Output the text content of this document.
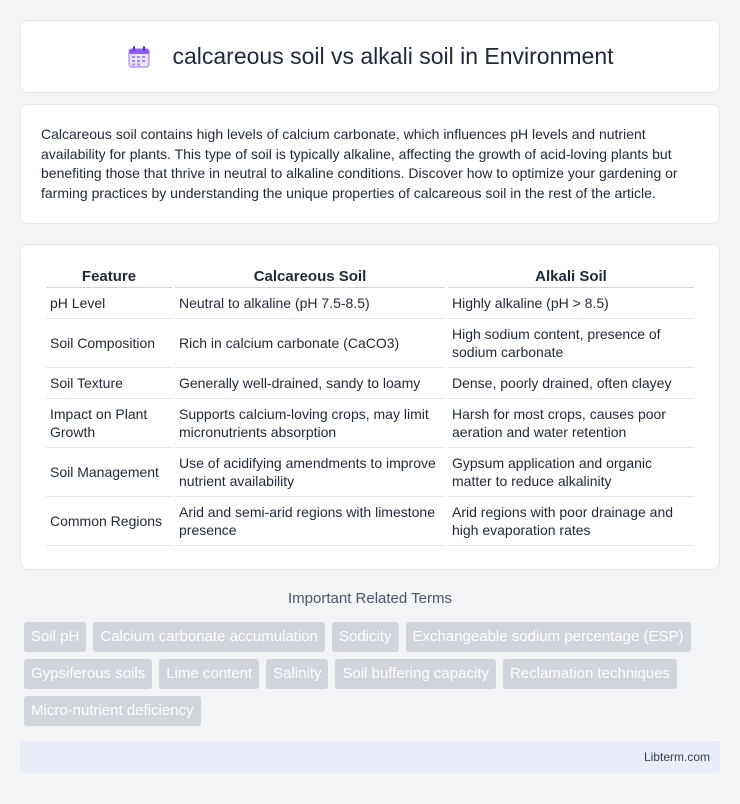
calcareous soil vs alkali soil in Environment

Calcareous soil contains high levels of calcium carbonate, which influences pH levels and nutrient availability for plants. This type of soil is typically alkaline, affecting the growth of acid-loving plants but benefiting those that thrive in neutral to alkaline conditions. Discover how to optimize your gardening or farming practices by understanding the unique properties of calcareous soil in the rest of the article.

Feature	Calcareous Soil	Alkali Soil
pH Level	Neutral to alkaline (pH 7.5-8.5)	Highly alkaline (pH > 8.5)
Soil Composition	Rich in calcium carbonate (CaCO3)	High sodium content, presence of sodium carbonate
Soil Texture	Generally well-drained, sandy to loamy	Dense, poorly drained, often clayey
Impact on Plant Growth	Supports calcium-loving crops, may limit micronutrients absorption	Harsh for most crops, causes poor aeration and water retention
Soil Management	Use of acidifying amendments to improve nutrient availability	Gypsum application and organic matter to reduce alkalinity
Common Regions	Arid and semi-arid regions with limestone presence	Arid regions with poor drainage and high evaporation rates
Important Related Terms
Soil pH	Calcium carbonate accumulation	Sodicity	Exchangeable sodium percentage (ESP)
Gypsiferous soils	Lime content	Salinity	Soil buffering capacity	Reclamation techniques
Micro-nutrient deficiency
Libterm.com
